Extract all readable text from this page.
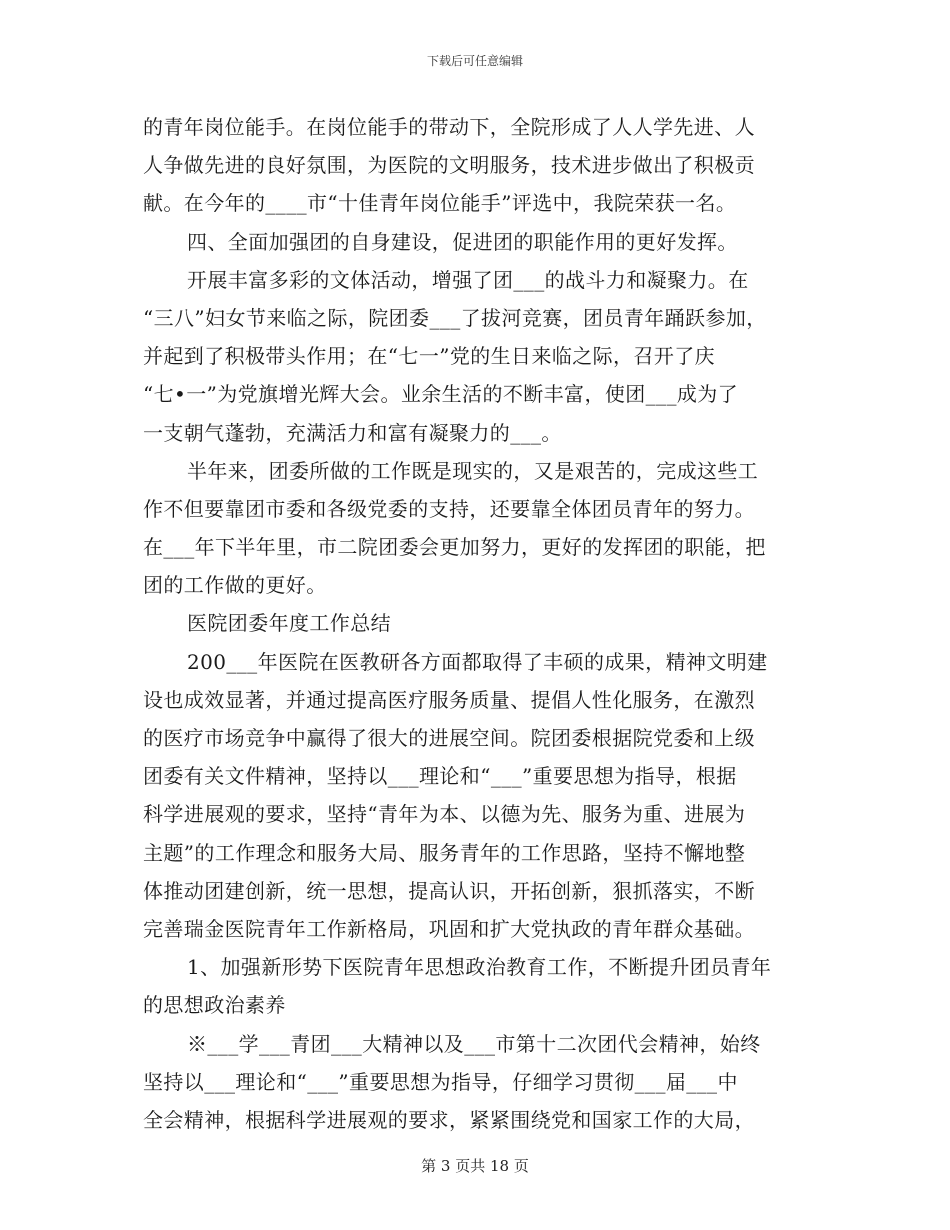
下载后可任意编辑
的青年岗位能手。在岗位能手的带动下，全院形成了人人学先进、人
人争做先进的良好氛围，为医院的文明服务，技术进步做出了积极贡
献。在今年的____市“十佳青年岗位能手”评选中，我院荣获一名。
四、全面加强团的自身建设，促进团的职能作用的更好发挥。
开展丰富多彩的文体活动，增强了团___的战斗力和凝聚力。在
“三八”妇女节来临之际，院团委___了拔河竞赛，团员青年踊跃参加，
并起到了积极带头作用；在“七一”党的生日来临之际，召开了庆
“七•一”为党旗增光辉大会。业余生活的不断丰富，使团___成为了
一支朝气蓬勃，充满活力和富有凝聚力的___。
半年来，团委所做的工作既是现实的，又是艰苦的，完成这些工
作不但要靠团市委和各级党委的支持，还要靠全体团员青年的努力。
在___年下半年里，市二院团委会更加努力，更好的发挥团的职能，把
团的工作做的更好。
医院团委年度工作总结
200___年医院在医教研各方面都取得了丰硕的成果，精神文明建
设也成效显著，并通过提高医疗服务质量、提倡人性化服务，在激烈
的医疗市场竞争中赢得了很大的进展空间。院团委根据院党委和上级
团委有关文件精神，坚持以___理论和“___”重要思想为指导，根据
科学进展观的要求，坚持“青年为本、以德为先、服务为重、进展为
主题”的工作理念和服务大局、服务青年的工作思路，坚持不懈地整
体推动团建创新，统一思想，提高认识，开拓创新，狠抓落实，不断
完善瑞金医院青年工作新格局，巩固和扩大党执政的青年群众基础。
1、加强新形势下医院青年思想政治教育工作，不断提升团员青年
的思想政治素养
※___学___青团___大精神以及___市第十二次团代会精神，始终
坚持以___理论和“___”重要思想为指导，仔细学习贯彻___届___中
全会精神，根据科学进展观的要求，紧紧围绕党和国家工作的大局，
第 3 页共 18 页
